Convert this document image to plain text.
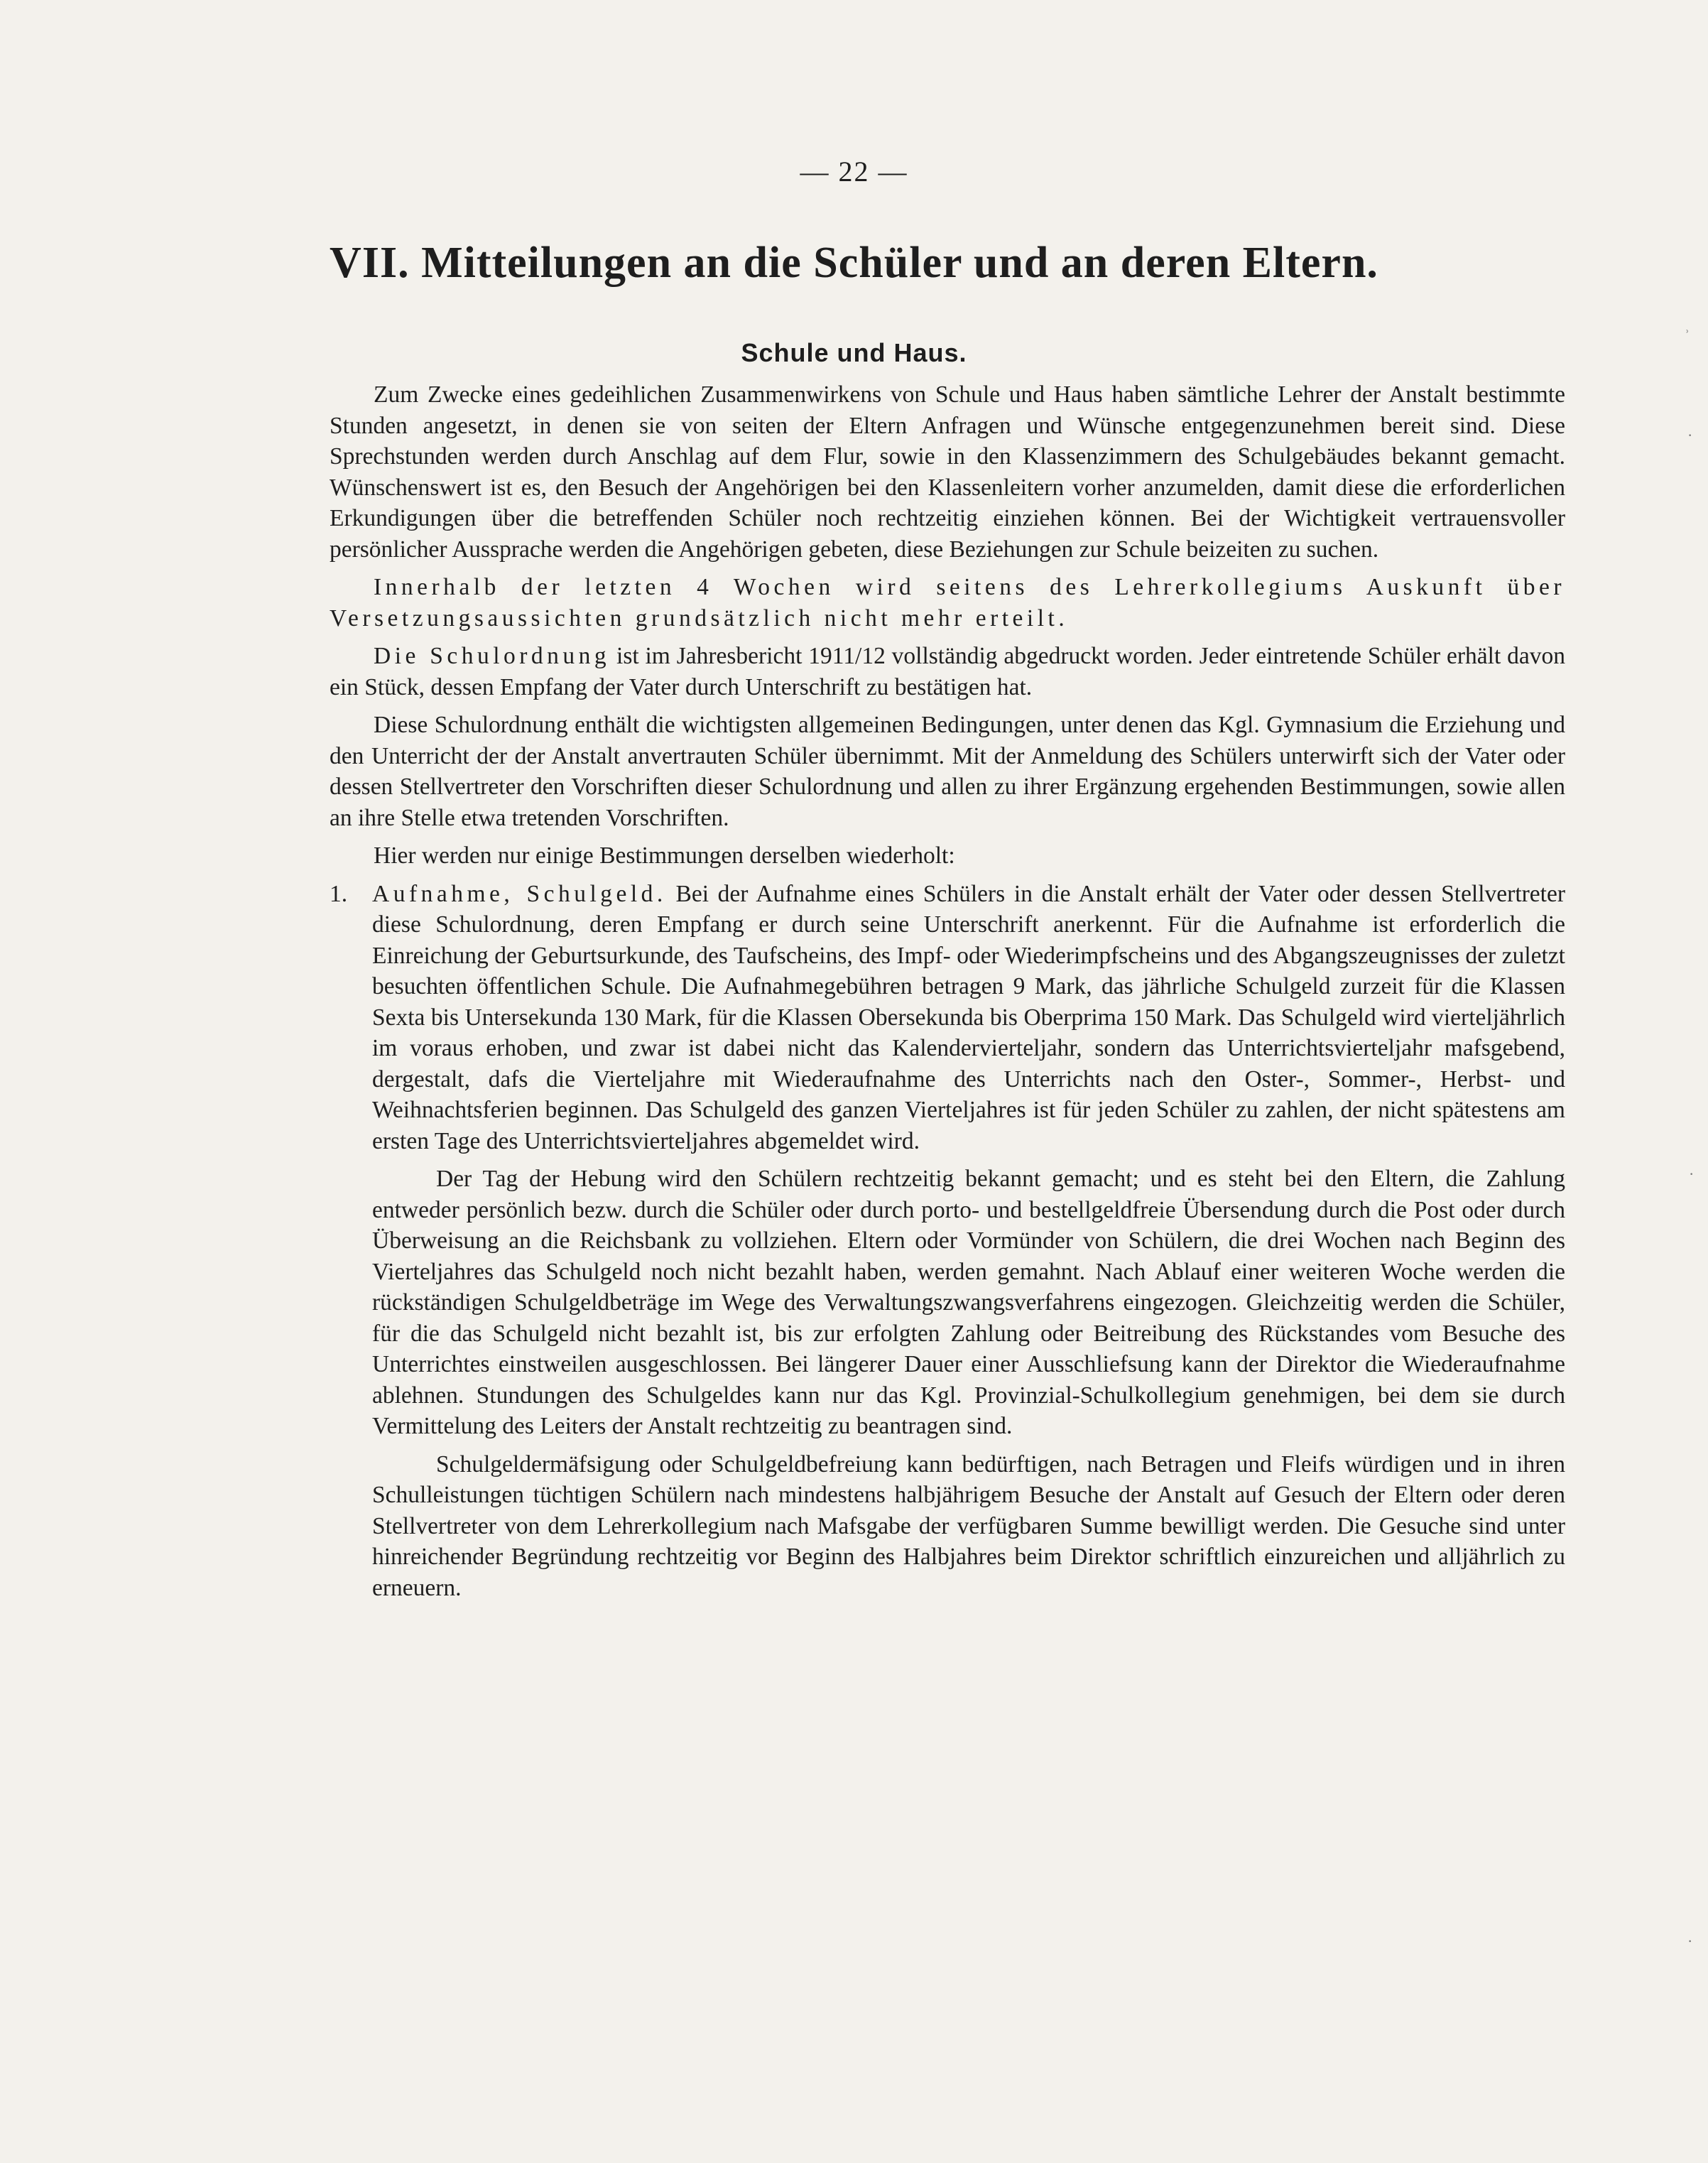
— 22 —
VII. Mitteilungen an die Schüler und an deren Eltern.
Schule und Haus.

Zum Zwecke eines gedeihlichen Zusammenwirkens von Schule und Haus haben sämtliche Lehrer der Anstalt bestimmte Stunden angesetzt, in denen sie von seiten der Eltern Anfragen und Wünsche entgegenzunehmen bereit sind. Diese Sprechstunden werden durch Anschlag auf dem Flur, sowie in den Klassenzimmern des Schulgebäudes bekannt gemacht. Wünschenswert ist es, den Besuch der Angehörigen bei den Klassenleitern vorher anzumelden, damit diese die erforderlichen Erkundigungen über die betreffenden Schüler noch rechtzeitig einziehen können. Bei der Wichtigkeit vertrauensvoller persönlicher Aussprache werden die Angehörigen gebeten, diese Beziehungen zur Schule beizeiten zu suchen.

Innerhalb der letzten 4 Wochen wird seitens des Lehrerkollegiums Auskunft über Versetzungsaussichten grundsätzlich nicht mehr erteilt.

Die Schulordnung ist im Jahresbericht 1911/12 vollständig abgedruckt worden. Jeder eintretende Schüler erhält davon ein Stück, dessen Empfang der Vater durch Unterschrift zu bestätigen hat.

Diese Schulordnung enthält die wichtigsten allgemeinen Bedingungen, unter denen das Kgl. Gymnasium die Erziehung und den Unterricht der der Anstalt anvertrauten Schüler übernimmt. Mit der Anmeldung des Schülers unterwirft sich der Vater oder dessen Stellvertreter den Vorschriften dieser Schulordnung und allen zu ihrer Ergänzung ergehenden Bestimmungen, sowie allen an ihre Stelle etwa tretenden Vorschriften.

Hier werden nur einige Bestimmungen derselben wiederholt:

1.	Aufnahme, Schulgeld. Bei der Aufnahme eines Schülers in die Anstalt erhält der Vater oder dessen Stellvertreter diese Schulordnung, deren Empfang er durch seine Unterschrift anerkennt. Für die Aufnahme ist erforderlich die Einreichung der Geburtsurkunde, des Taufscheins, des Impf- oder Wiederimpfscheins und des Abgangszeugnisses der zuletzt besuchten öffentlichen Schule. Die Aufnahmegebühren betragen 9 Mark, das jährliche Schulgeld zurzeit für die Klassen Sexta bis Untersekunda 130 Mark, für die Klassen Obersekunda bis Oberprima 150 Mark. Das Schulgeld wird vierteljährlich im voraus erhoben, und zwar ist dabei nicht das Kalendervierteljahr, sondern das Unterrichtsvierteljahr mafsgebend, dergestalt, dafs die Vierteljahre mit Wiederaufnahme des Unterrichts nach den Oster-, Sommer-, Herbst- und Weihnachtsferien beginnen. Das Schulgeld des ganzen Vierteljahres ist für jeden Schüler zu zahlen, der nicht spätestens am ersten Tage des Unterrichtsvierteljahres abgemeldet wird.

Der Tag der Hebung wird den Schülern rechtzeitig bekannt gemacht; und es steht bei den Eltern, die Zahlung entweder persönlich bezw. durch die Schüler oder durch porto- und bestellgeldfreie Übersendung durch die Post oder durch Überweisung an die Reichsbank zu vollziehen. Eltern oder Vormünder von Schülern, die drei Wochen nach Beginn des Vierteljahres das Schulgeld noch nicht bezahlt haben, werden gemahnt. Nach Ablauf einer weiteren Woche werden die rückständigen Schulgeldbeträge im Wege des Verwaltungszwangsverfahrens eingezogen. Gleichzeitig werden die Schüler, für die das Schulgeld nicht bezahlt ist, bis zur erfolgten Zahlung oder Beitreibung des Rückstandes vom Besuche des Unterrichtes einstweilen ausgeschlossen. Bei längerer Dauer einer Ausschliefsung kann der Direktor die Wiederaufnahme ablehnen. Stundungen des Schulgeldes kann nur das Kgl. Provinzial-Schulkollegium genehmigen, bei dem sie durch Vermittelung des Leiters der Anstalt rechtzeitig zu beantragen sind.

Schulgeldermäfsigung oder Schulgeldbefreiung kann bedürftigen, nach Betragen und Fleifs würdigen und in ihren Schulleistungen tüchtigen Schülern nach mindestens halbjährigem Besuche der Anstalt auf Gesuch der Eltern oder deren Stellvertreter von dem Lehrerkollegium nach Mafsgabe der verfügbaren Summe bewilligt werden. Die Gesuche sind unter hinreichender Begründung rechtzeitig vor Beginn des Halbjahres beim Direktor schriftlich einzureichen und alljährlich zu erneuern.

ʾ
·
·
·
